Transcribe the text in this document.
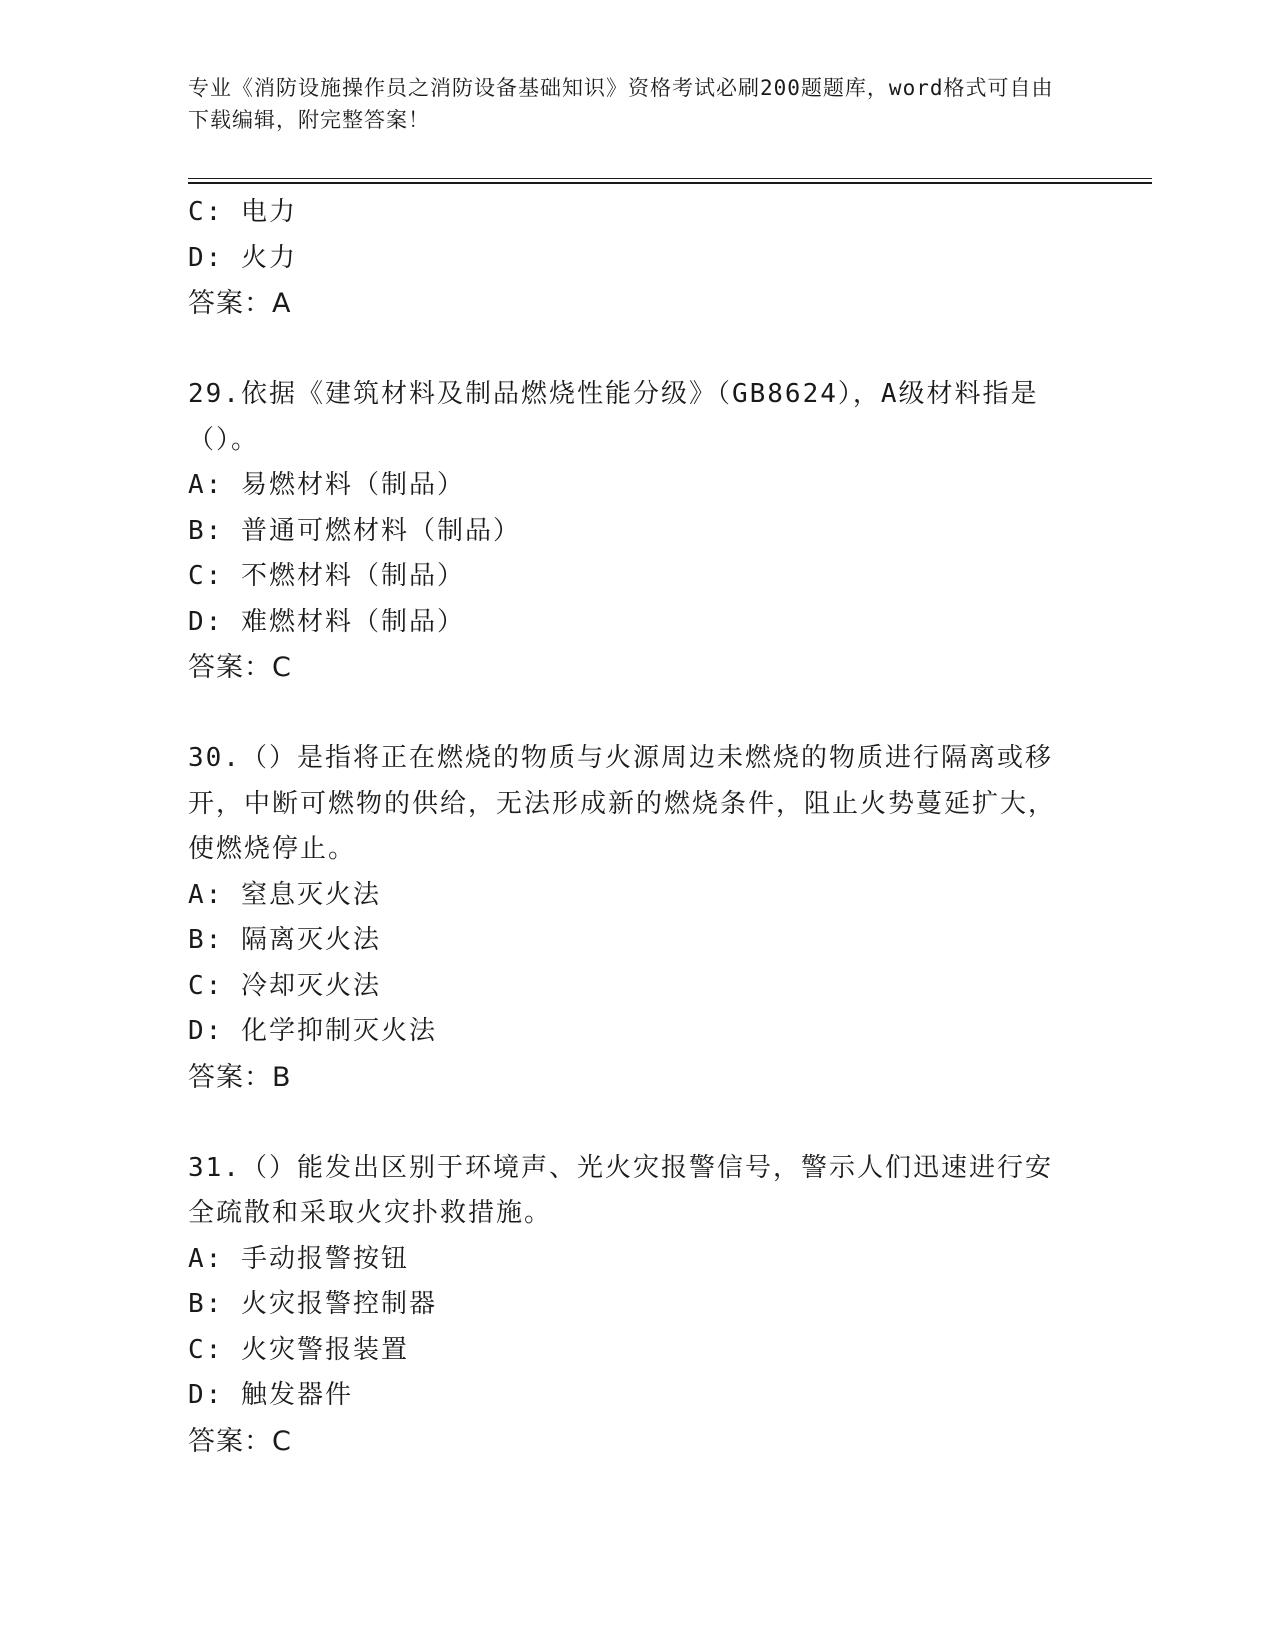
专业《消防设施操作员之消防设备基础知识》资格考试必刷200题题库，word格式可自由下载编辑，附完整答案！
C: 电力
D: 火力
答案：A
29.依据《建筑材料及制品燃烧性能分级》（GB8624），A级材料指是（）。
A: 易燃材料（制品）
B: 普通可燃材料（制品）
C: 不燃材料（制品）
D: 难燃材料（制品）
答案：C
30.（）是指将正在燃烧的物质与火源周边未燃烧的物质进行隔离或移开，中断可燃物的供给，无法形成新的燃烧条件，阻止火势蔓延扩大，使燃烧停止。
A: 窒息灭火法
B: 隔离灭火法
C: 冷却灭火法
D: 化学抑制灭火法
答案：B
31.（）能发出区别于环境声、光火灾报警信号，警示人们迅速进行安全疏散和采取火灾扑救措施。
A: 手动报警按钮
B: 火灾报警控制器
C: 火灾警报装置
D: 触发器件
答案：C
